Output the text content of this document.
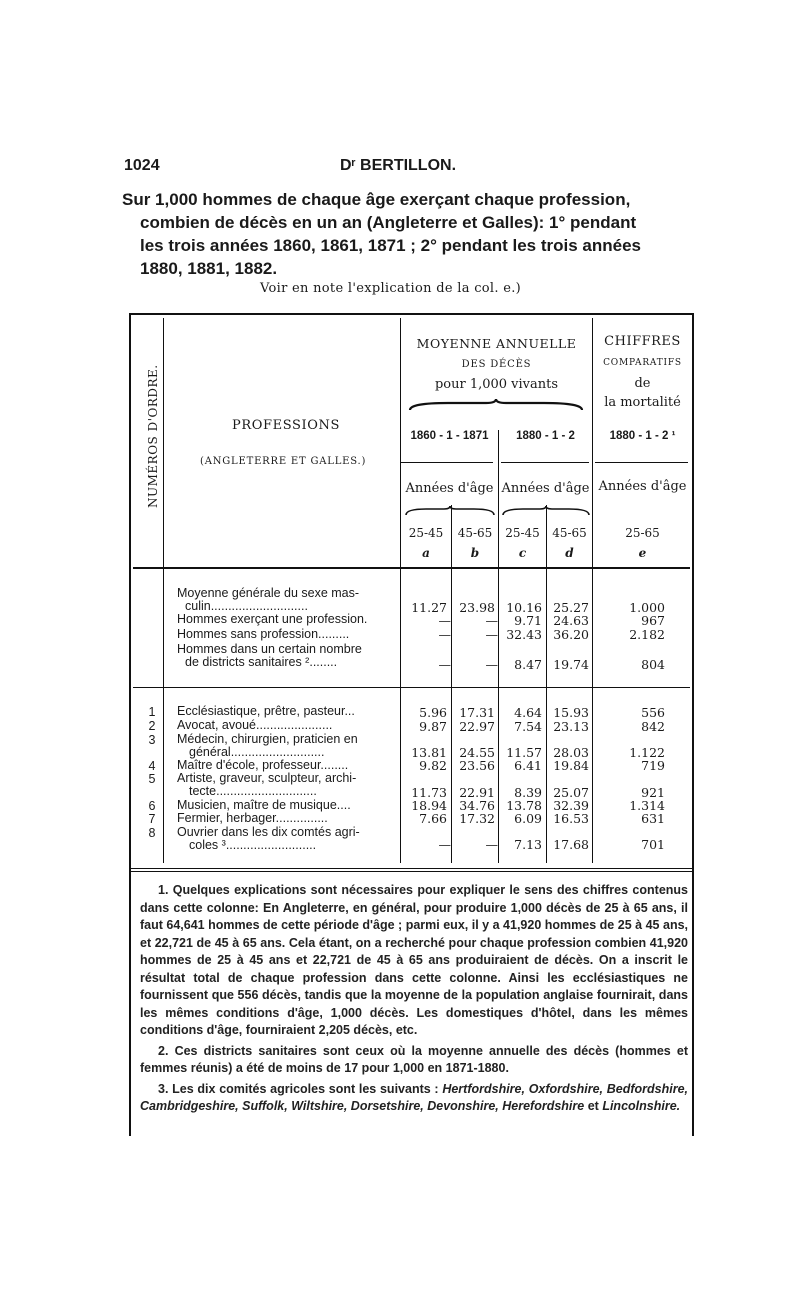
1024	Dʳ BERTILLON.
Sur 1,000 hommes de chaque âge exerçant chaque profession,
combien de décès en un an (Angleterre et Galles): 1° pendant
les trois années 1860, 1861, 1871 ; 2° pendant les trois années
1880, 1881, 1882.
Voir en note l'explication de la col. e.)
NUMÉROS D'ORDRE.	PROFESSIONS
(ANGLETERRE ET GALLES.)
MOYENNE ANNUELLE
DES DÉCÈS
pour 1,000 vivants
1860 - 1 - 1871	1880 - 1 - 2
Années d'âge Années d'âge
CHIFFRES
COMPARATIFS
de
la mortalité
1880 - 1 - 2 ¹
Années d'âge
25-45	45-65	25-45	45-65	25-65
a	b	c	d	e
Moyenne générale du sexe mas-
culin............................	11.27 23.98 10.16 25.27	1.000
Hommes exerçant une profession.	—	—	9.71 24.63	967
Hommes sans profession.........	—	— 32.43 36.20	2.182
Hommes dans un certain nombre
de districts sanitaires ²........	—	—	8.47 19.74	804
1	Ecclésiastique, prêtre, pasteur...	5.96 17.31	4.64 15.93	556
2	Avocat, avoué......................	9.87 22.97	7.54 23.13	842
3	Médecin, chirurgien, praticien en
général...........................	13.81 24.55 11.57 28.03	1.122
4	Maître d'école, professeur........	9.82 23.56	6.41 19.84	719
5	Artiste, graveur, sculpteur, archi-
tecte.............................	11.73 22.91	8.39 25.07	921
6	Musicien, maître de musique....	18.94 34.76 13.78 32.39	1.314
7	Fermier, herbager...............	7.66 17.32	6.09 16.53	631
8	Ouvrier dans les dix comtés agri-
coles ³..........................	—	—	7.13 17.68	701

1. Quelques explications sont nécessaires pour expliquer le sens des chiffres contenus dans cette colonne: En Angleterre, en général, pour produire 1,000 décès de 25 à 65 ans, il faut 64,641 hommes de cette période d'âge ; parmi eux, il y a 41,920 hommes de 25 à 45 ans, et 22,721 de 45 à 65 ans. Cela étant, on a recherché pour chaque profession combien 41,920 hommes de 25 à 45 ans et 22,721 de 45 à 65 ans produiraient de décès. On a inscrit le résultat total de chaque profession dans cette colonne. Ainsi les ecclésiastiques ne fournissent que 556 décès, tandis que la moyenne de la population anglaise fournirait, dans les mêmes conditions d'âge, 1,000 décès. Les domestiques d'hôtel, dans les mêmes conditions d'âge, fourniraient 2,205 décès, etc.

2. Ces districts sanitaires sont ceux où la moyenne annuelle des décès (hommes et femmes réunis) a été de moins de 17 pour 1,000 en 1871-1880.

3. Les dix comités agricoles sont les suivants : Hertfordshire, Oxfordshire, Bedfordshire, Cambridgeshire, Suffolk, Wiltshire, Dorsetshire, Devonshire, Herefordshire et Lincolnshire.
